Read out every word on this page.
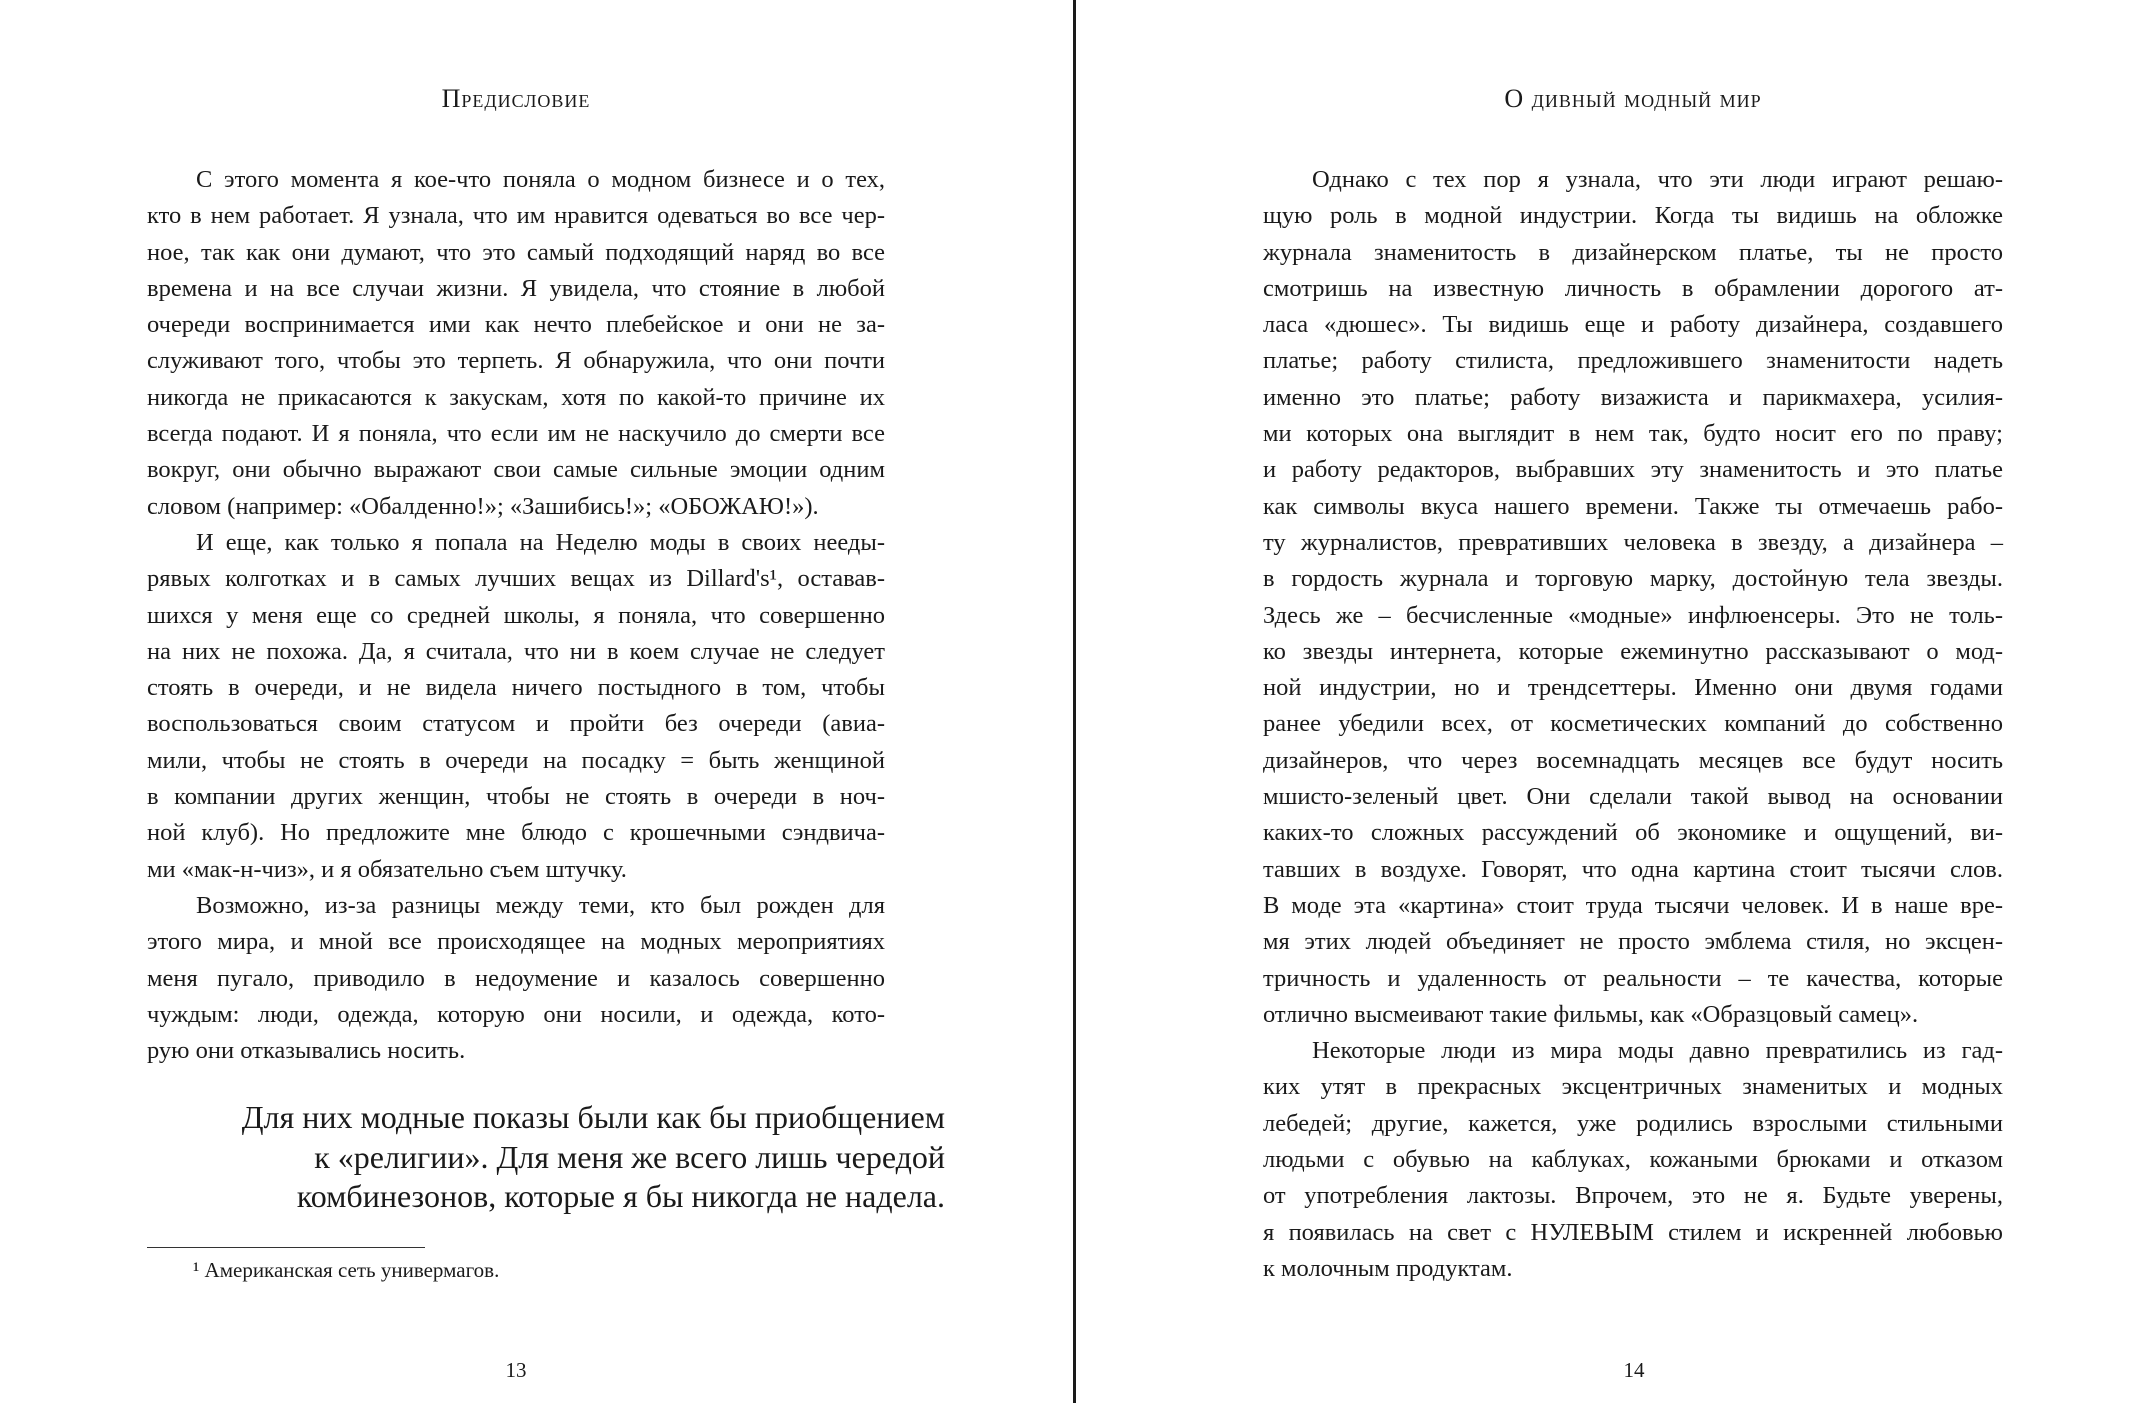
Предисловие
С этого момента я кое-что поняла о модном бизнесе и о тех,
кто в нем работает. Я узнала, что им нравится одеваться во все чер-
ное, так как они думают, что это самый подходящий наряд во все
времена и на все случаи жизни. Я увидела, что стояние в любой
очереди воспринимается ими как нечто плебейское и они не за-
служивают того, чтобы это терпеть. Я обнаружила, что они почти
никогда не прикасаются к закускам, хотя по какой-то причине их
всегда подают. И я поняла, что если им не наскучило до смерти все
вокруг, они обычно выражают свои самые сильные эмоции одним
словом (например: «Обалденно!»; «Зашибись!»; «ОБОЖАЮ!»).
И еще, как только я попала на Неделю моды в своих нееды-
рявых колготках и в самых лучших вещах из Dillard's¹, оставав-
шихся у меня еще со средней школы, я поняла, что совершенно
на них не похожа. Да, я считала, что ни в коем случае не следует
стоять в очереди, и не видела ничего постыдного в том, чтобы
воспользоваться своим статусом и пройти без очереди (авиа-
мили, чтобы не стоять в очереди на посадку = быть женщиной
в компании других женщин, чтобы не стоять в очереди в ноч-
ной клуб). Но предложите мне блюдо с крошечными сэндвича-
ми «мак-н-чиз», и я обязательно съем штучку.
Возможно, из-за разницы между теми, кто был рожден для
этого мира, и мной все происходящее на модных мероприятиях
меня пугало, приводило в недоумение и казалось совершенно
чуждым: люди, одежда, которую они носили, и одежда, кото-
рую они отказывались носить.
Для них модные показы были как бы приобщением
к «религии». Для меня же всего лишь чередой
комбинезонов, которые я бы никогда не надела.
¹ Американская сеть универмагов.
13
О дивный модный мир
Однако с тех пор я узнала, что эти люди играют решаю-
щую роль в модной индустрии. Когда ты видишь на обложке
журнала знаменитость в дизайнерском платье, ты не просто
смотришь на известную личность в обрамлении дорогого ат-
ласа «дюшес». Ты видишь еще и работу дизайнера, создавшего
платье; работу стилиста, предложившего знаменитости надеть
именно это платье; работу визажиста и парикмахера, усилия-
ми которых она выглядит в нем так, будто носит его по праву;
и работу редакторов, выбравших эту знаменитость и это платье
как символы вкуса нашего времени. Также ты отмечаешь рабо-
ту журналистов, превративших человека в звезду, а дизайнера –
в гордость журнала и торговую марку, достойную тела звезды.
Здесь же – бесчисленные «модные» инфлюенсеры. Это не толь-
ко звезды интернета, которые ежеминутно рассказывают о мод-
ной индустрии, но и трендсеттеры. Именно они двумя годами
ранее убедили всех, от косметических компаний до собственно
дизайнеров, что через восемнадцать месяцев все будут носить
мшисто-зеленый цвет. Они сделали такой вывод на основании
каких-то сложных рассуждений об экономике и ощущений, ви-
тавших в воздухе. Говорят, что одна картина стоит тысячи слов.
В моде эта «картина» стоит труда тысячи человек. И в наше вре-
мя этих людей объединяет не просто эмблема стиля, но эксцен-
тричность и удаленность от реальности – те качества, которые
отлично высмеивают такие фильмы, как «Образцовый самец».
Некоторые люди из мира моды давно превратились из гад-
ких утят в прекрасных эксцентричных знаменитых и модных
лебедей; другие, кажется, уже родились взрослыми стильными
людьми с обувью на каблуках, кожаными брюками и отказом
от употребления лактозы. Впрочем, это не я. Будьте уверены,
я появилась на свет с НУЛЕВЫМ стилем и искренней любовью
к молочным продуктам.
14
